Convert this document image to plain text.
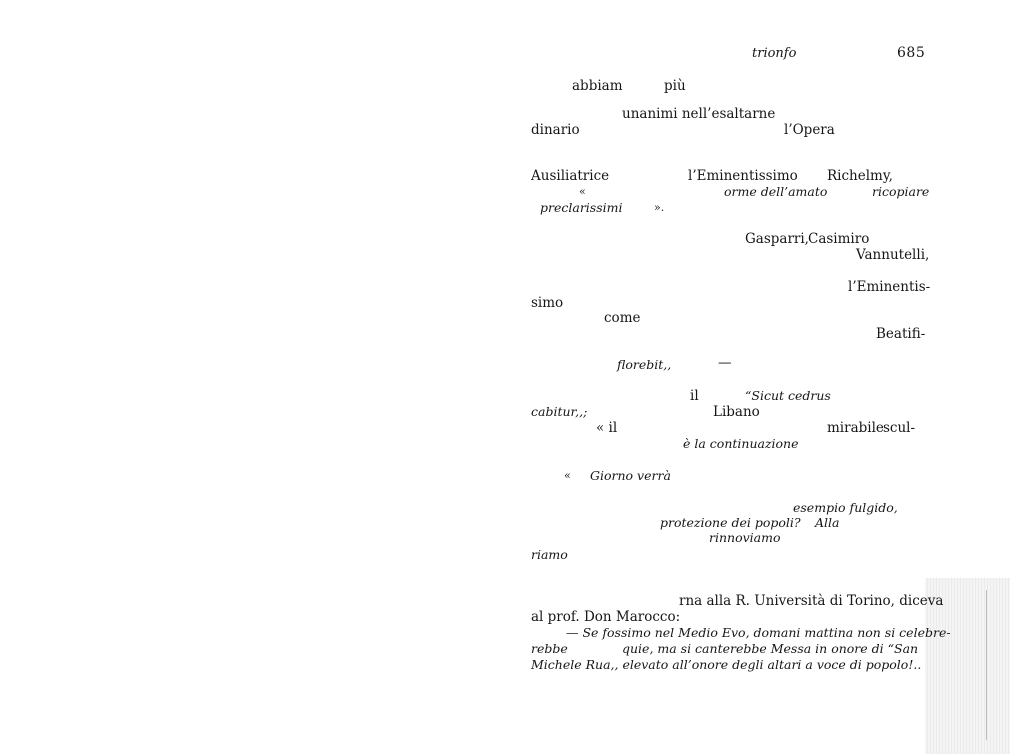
trionfo	685
abbiam	più
unanimi nell’esaltarne
dinario	l’Opera
Ausiliatrice	l’Eminentissimo Richelmy,
«	orme dell’amato	ricopiare
preclarissimi	».
Gasparri, Casimiro
Vannutelli,
l’Eminentis-
simo
come
Beatifi-
florebit,,	—
il	“Sicut cedrus
cabitur,,;	Libano
« il	mirabile scul-
è la continuazione
« Giorno verrà
esempio fulgido,
protezione dei popoli? Alla
rinnoviamo
riamo
rna alla R. Università di Torino, diceva
al prof. Don Marocco:
— Se fossimo nel Medio Evo, domani mattina non si celebre-
rebbe	quie, ma si canterebbe Messa in onore di “San
Michele Rua,, elevato all’onore degli altari a voce di popolo!..
